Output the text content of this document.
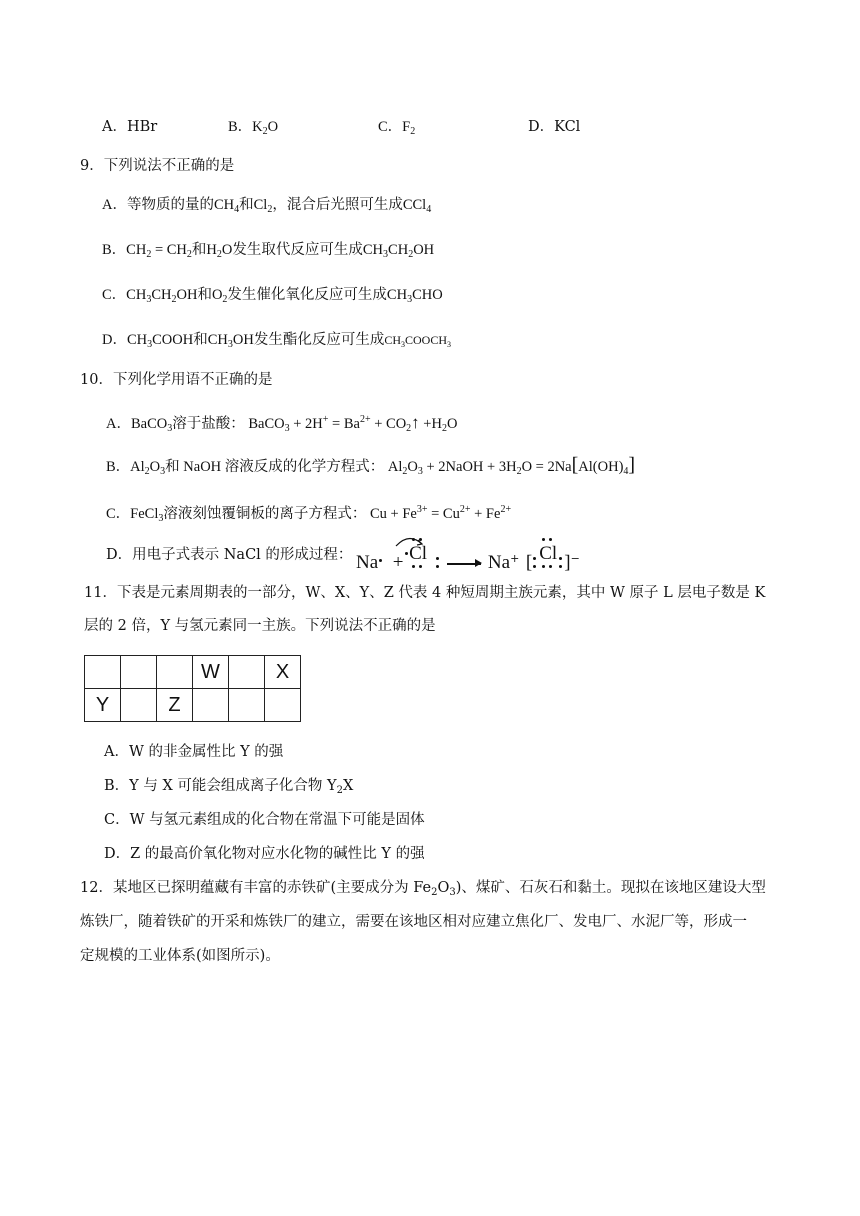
A．HBr	B．$K_2O$	C．$F_2$	D．KCl
9．下列说法不正确的是
A．等物质的量的$CH_4$和$Cl_2$，混合后光照可生成CCl$_4$
B．$CH_2 = CH_2$和$H_2O$发生取代反应可生成$CH_3CH_2OH$
C．$CH_3CH_2OH$和$O_2$发生催化氧化反应可生成$CH_3CHO$
D．$CH_3COOH$和$CH_3OH$发生酯化反应可生成$CH_3COOCH_3$
10．下列化学用语不正确的是
A．BaCO$_3$溶于盐酸： BaCO$_3$ + $2H^+ = Ba^{2+}$ + $CO_2↑ +H_2O$
B．$Al_2O_3$和 NaOH 溶液反成的化学方程式： $Al_2O_3$ + 2NaOH + $3H_2O = 2Na[Al(OH)_4]$
C．FeCl$_3$溶液刻蚀覆铜板的离子方程式： $Cu + Fe^{3+} = Cu^{2+} + Fe^{2+}$
D．用电子式表示 NaCl 的形成过程： Na
+ Cl
→ Na+ [ Cl ]−
11．下表是元素周期表的一部分，W、X、Y、Z 代表 4 种短周期主族元素，其中 W 原子 L 层电子数是 K
层的 2 倍，Y 与氢元素同一主族。下列说法不正确的是
			W		X
Y		Z			
A．W 的非金属性比 Y 的强
B．Y 与 X 可能会组成离子化合物 $Y_2X$
C．W 与氢元素组成的化合物在常温下可能是固体
D．Z 的最高价氧化物对应水化物的碱性比 Y 的强
12．某地区已探明蕴藏有丰富的赤铁矿(主要成分为 $Fe_2O_3$)、煤矿、石灰石和黏土。现拟在该地区建设大型
炼铁厂，随着铁矿的开采和炼铁厂的建立，需要在该地区相对应建立焦化厂、发电厂、水泥厂等，形成一
定规模的工业体系(如图所示)。
